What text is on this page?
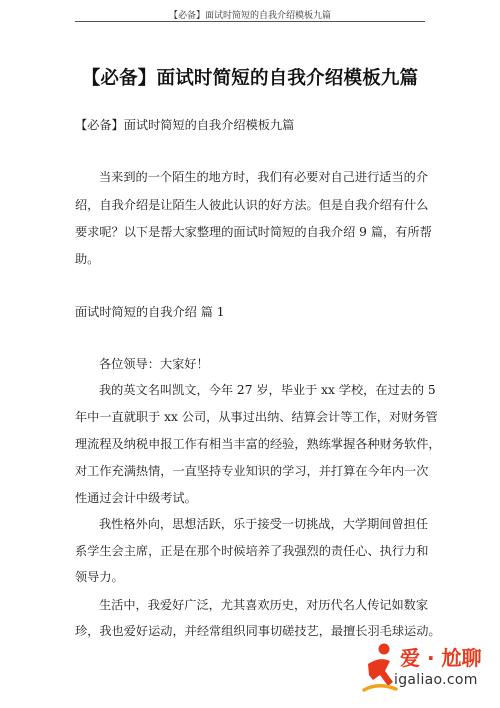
【必备】面试时简短的自我介绍模板九篇
【必备】面试时简短的自我介绍模板九篇
【必备】面试时简短的自我介绍模板九篇
当来到的一个陌生的地方时，我们有必要对自己进行适当的介
绍，自我介绍是让陌生人彼此认识的好方法。但是自我介绍有什么
要求呢？以下是帮大家整理的面试时简短的自我介绍 9 篇，有所帮
助。
面试时简短的自我介绍 篇 1
各位领导：大家好！
我的英文名叫凯文，今年 27 岁，毕业于 xx 学校，在过去的 5
年中一直就职于 xx 公司，从事过出纳、结算会计等工作，对财务管
理流程及纳税申报工作有相当丰富的经验，熟练掌握各种财务软件，
对工作充满热情，一直坚持专业知识的学习，并打算在今年内一次
性通过会计中级考试。
我性格外向，思想活跃，乐于接受一切挑战，大学期间曾担任
系学生会主席，正是在那个时候培养了我强烈的责任心、执行力和
领导力。
生活中，我爱好广泛，尤其喜欢历史，对历代名人传记如数家
珍，我也爱好运动，并经常组织同事切磋技艺，最擅长羽毛球运动。
爱 · 尬聊
igaliao.com
